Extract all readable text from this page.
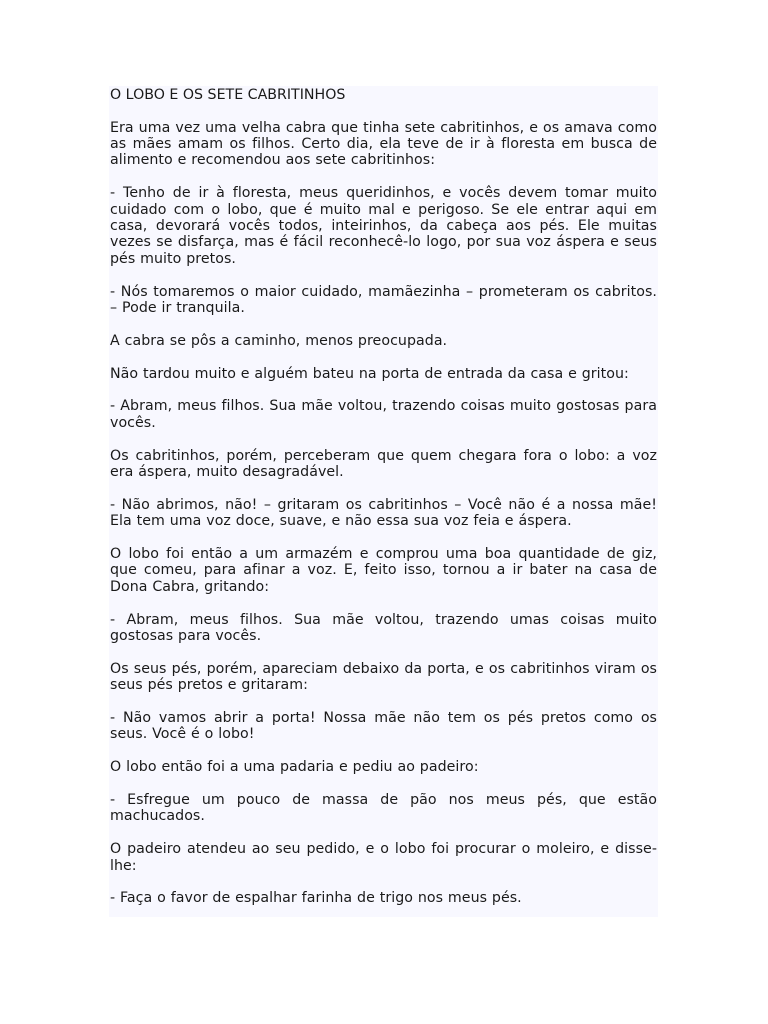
O LOBO E OS SETE CABRITINHOS

Era uma vez uma velha cabra que tinha sete cabritinhos, e os amava como as mães amam os filhos. Certo dia, ela teve de ir à floresta em busca de alimento e recomendou aos sete cabritinhos:

- Tenho de ir à floresta, meus queridinhos, e vocês devem tomar muito cuidado com o lobo, que é muito mal e perigoso. Se ele entrar aqui em casa, devorará vocês todos, inteirinhos, da cabeça aos pés. Ele muitas vezes se disfarça, mas é fácil reconhecê-lo logo, por sua voz áspera e seus pés muito pretos.

- Nós tomaremos o maior cuidado, mamãezinha – prometeram os cabritos. – Pode ir tranquila.

A cabra se pôs a caminho, menos preocupada.

Não tardou muito e alguém bateu na porta de entrada da casa e gritou:

- Abram, meus filhos. Sua mãe voltou, trazendo coisas muito gostosas para vocês.

Os cabritinhos, porém, perceberam que quem chegara fora o lobo: a voz era áspera, muito desagradável.

- Não abrimos, não! – gritaram os cabritinhos – Você não é a nossa mãe! Ela tem uma voz doce, suave, e não essa sua voz feia e áspera.

O lobo foi então a um armazém e comprou uma boa quantidade de giz, que comeu, para afinar a voz. E, feito isso, tornou a ir bater na casa de Dona Cabra, gritando:

- Abram, meus filhos. Sua mãe voltou, trazendo umas coisas muito gostosas para vocês.

Os seus pés, porém, apareciam debaixo da porta, e os cabritinhos viram os seus pés pretos e gritaram:

- Não vamos abrir a porta! Nossa mãe não tem os pés pretos como os seus. Você é o lobo!

O lobo então foi a uma padaria e pediu ao padeiro:

- Esfregue um pouco de massa de pão nos meus pés, que estão machucados.

O padeiro atendeu ao seu pedido, e o lobo foi procurar o moleiro, e disse-lhe:

- Faça o favor de espalhar farinha de trigo nos meus pés.
